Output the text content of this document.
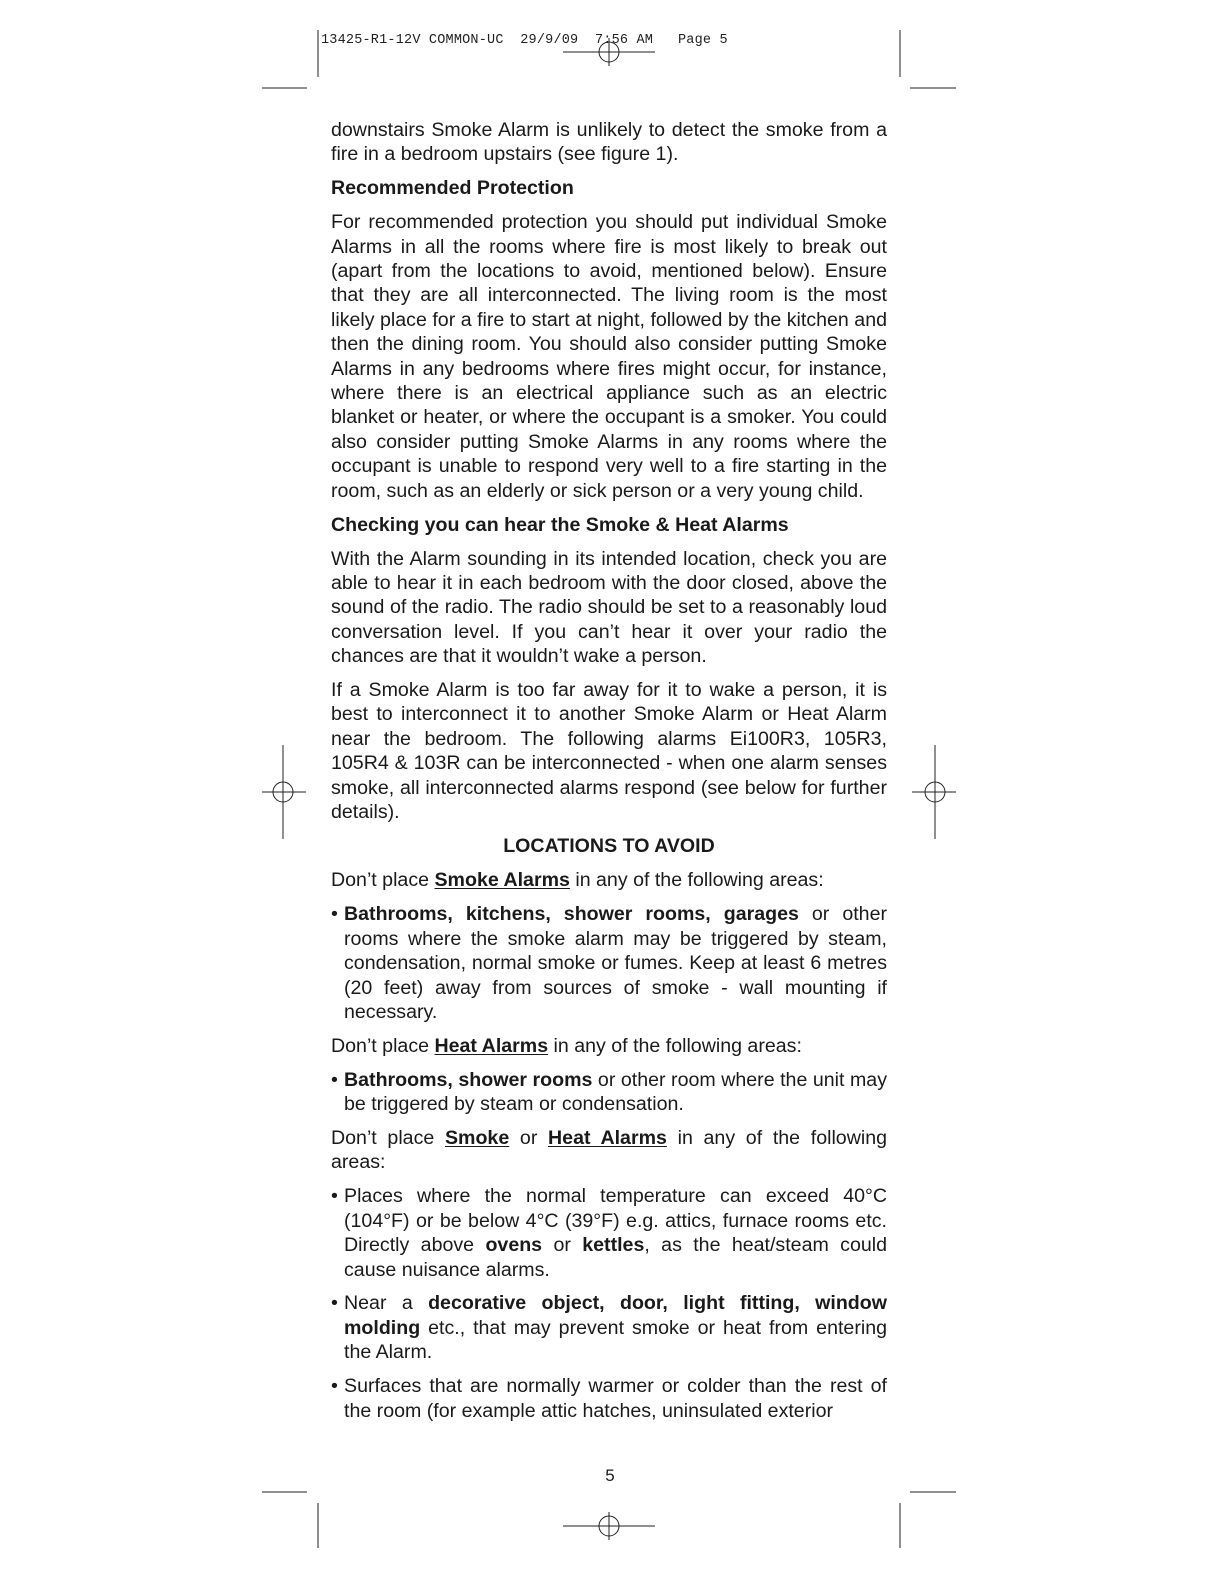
13425-R1-12V COMMON-UC 29/9/09 7:56 AM Page 5

downstairs Smoke Alarm is unlikely to detect the smoke from a fire in a bedroom upstairs (see figure 1).

Recommended Protection

For recommended protection you should put individual Smoke Alarms in all the rooms where fire is most likely to break out (apart from the locations to avoid, mentioned below). Ensure that they are all interconnected. The living room is the most likely place for a fire to start at night, followed by the kitchen and then the dining room. You should also consider putting Smoke Alarms in any bedrooms where fires might occur, for instance, where there is an electrical appliance such as an electric blanket or heater, or where the occupant is a smoker. You could also consider putting Smoke Alarms in any rooms where the occupant is unable to respond very well to a fire starting in the room, such as an elderly or sick person or a very young child.

Checking you can hear the Smoke & Heat Alarms

With the Alarm sounding in its intended location, check you are able to hear it in each bedroom with the door closed, above the sound of the radio. The radio should be set to a reasonably loud conversation level. If you can’t hear it over your radio the chances are that it wouldn’t wake a person.

If a Smoke Alarm is too far away for it to wake a person, it is best to interconnect it to another Smoke Alarm or Heat Alarm near the bedroom. The following alarms Ei100R3, 105R3, 105R4 & 103R can be interconnected - when one alarm senses smoke, all interconnected alarms respond (see below for further details).

LOCATIONS TO AVOID

Don’t place Smoke Alarms in any of the following areas:

• Bathrooms, kitchens, shower rooms, garages or other rooms where the smoke alarm may be triggered by steam, condensation, normal smoke or fumes. Keep at least 6 metres (20 feet) away from sources of smoke - wall mounting if necessary.

Don’t place Heat Alarms in any of the following areas:

• Bathrooms, shower rooms or other room where the unit may be triggered by steam or condensation.

Don’t place Smoke or Heat Alarms in any of the following areas:

• Places where the normal temperature can exceed 40°C (104°F) or be below 4°C (39°F) e.g. attics, furnace rooms etc. Directly above ovens or kettles, as the heat/steam could cause nuisance alarms.

• Near a decorative object, door, light fitting, window molding etc., that may prevent smoke or heat from entering the Alarm.

• Surfaces that are normally warmer or colder than the rest of the room (for example attic hatches, uninsulated exterior

5
